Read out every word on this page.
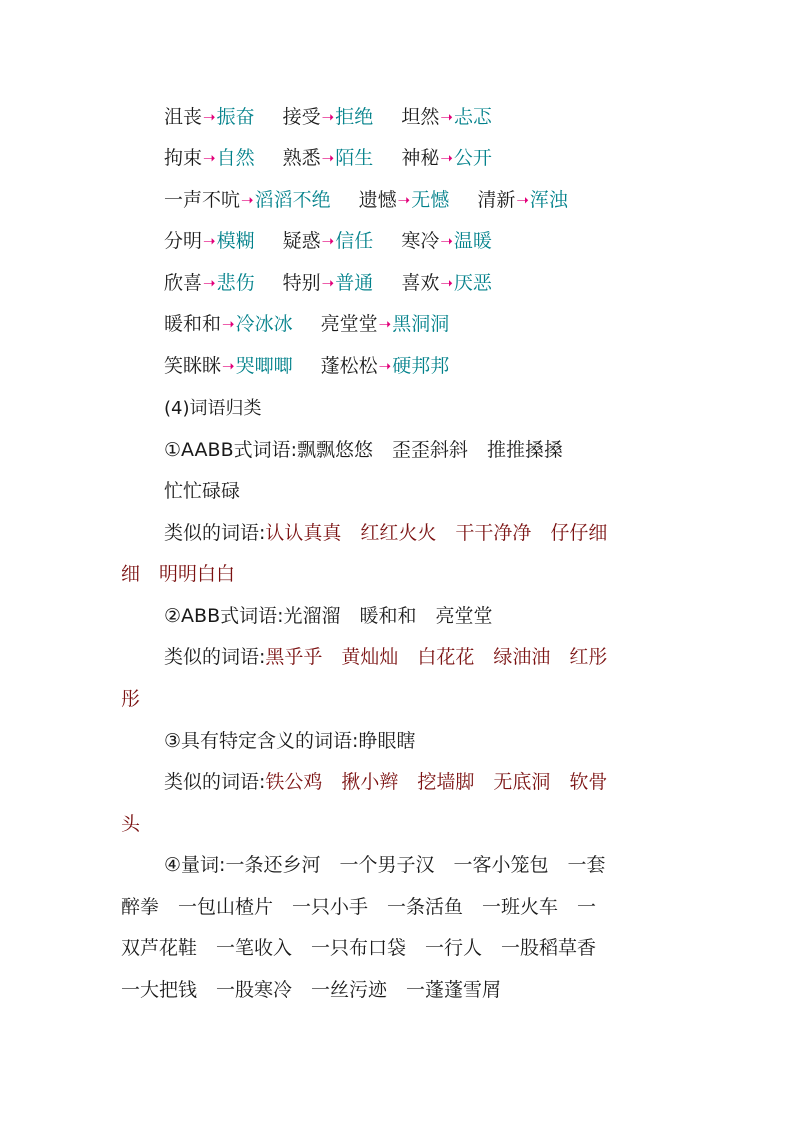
沮丧➝振奋 接受➝拒绝 坦然➝忐忑
拘束➝自然 熟悉➝陌生 神秘➝公开
一声不吭➝滔滔不绝 遗憾➝无憾 清新➝浑浊
分明➝模糊 疑惑➝信任 寒冷➝温暖
欣喜➝悲伤 特别➝普通 喜欢➝厌恶
暖和和➝冷冰冰 亮堂堂➝黑洞洞
笑眯眯➝哭唧唧 蓬松松➝硬邦邦
(4)词语归类
①AABB式词语:飘飘悠悠　歪歪斜斜　推推搡搡
忙忙碌碌
类似的词语:认认真真　红红火火　干干净净　仔仔细
细　明明白白
②ABB式词语:光溜溜　暖和和　亮堂堂
类似的词语:黑乎乎　黄灿灿　白花花　绿油油　红彤
彤
③具有特定含义的词语:睁眼瞎
类似的词语:铁公鸡　揪小辫　挖墙脚　无底洞　软骨
头
④量词:一条还乡河　一个男子汉　一客小笼包　一套
醉拳　一包山楂片　一只小手　一条活鱼　一班火车　一
双芦花鞋　一笔收入　一只布口袋　一行人　一股稻草香
一大把钱　一股寒冷　一丝污迹　一蓬蓬雪屑
